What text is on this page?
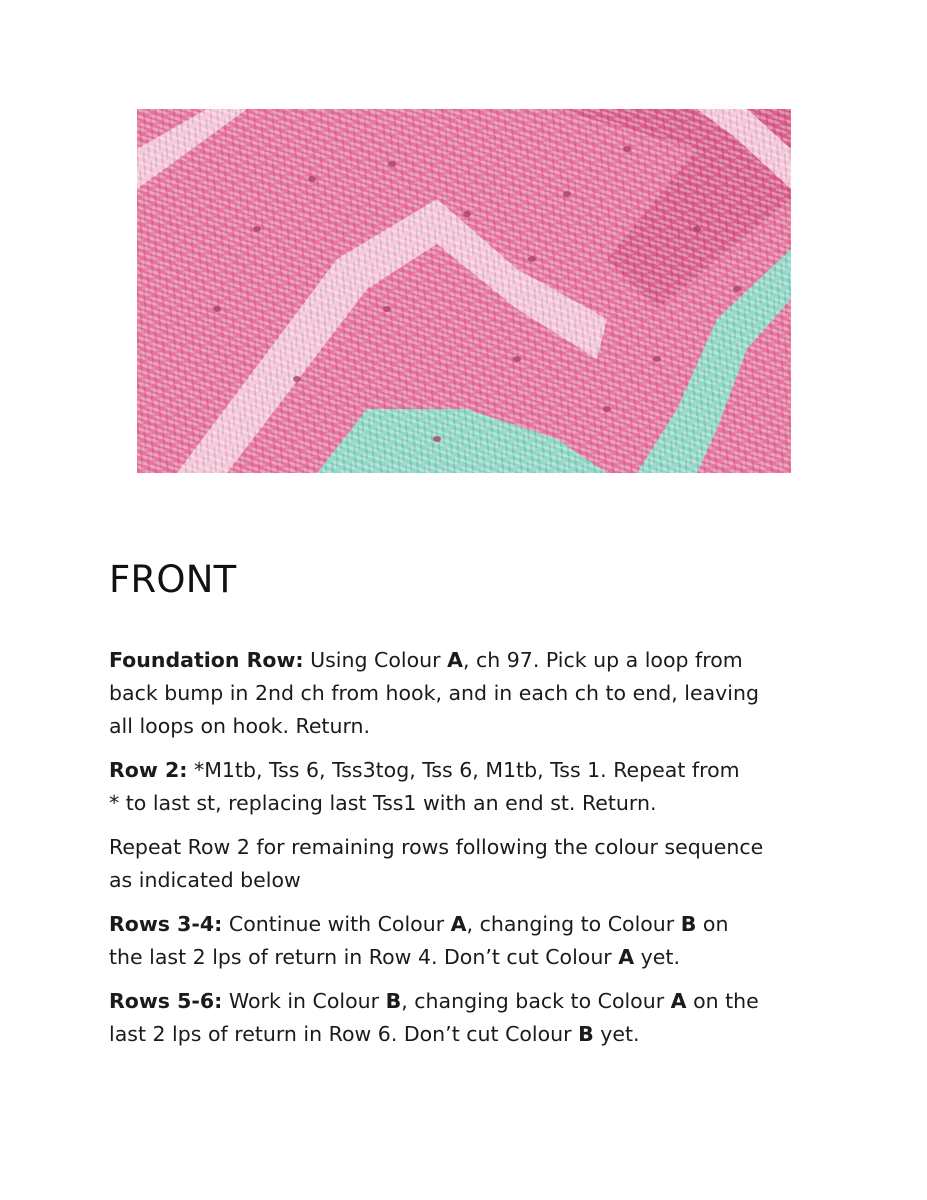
FRONT

Foundation Row: Using Colour A, ch 97. Pick up a loop from
back bump in 2nd ch from hook, and in each ch to end, leaving
all loops on hook. Return.

Row 2: *M1tb, Tss 6, Tss3tog, Tss 6, M1tb, Tss 1. Repeat from
* to last st, replacing last Tss1 with an end st. Return.

Repeat Row 2 for remaining rows following the colour sequence
as indicated below

Rows 3-4: Continue with Colour A, changing to Colour B on
the last 2 lps of return in Row 4. Don’t cut Colour A yet.

Rows 5-6: Work in Colour B, changing back to Colour A on the
last 2 lps of return in Row 6. Don’t cut Colour B yet.
